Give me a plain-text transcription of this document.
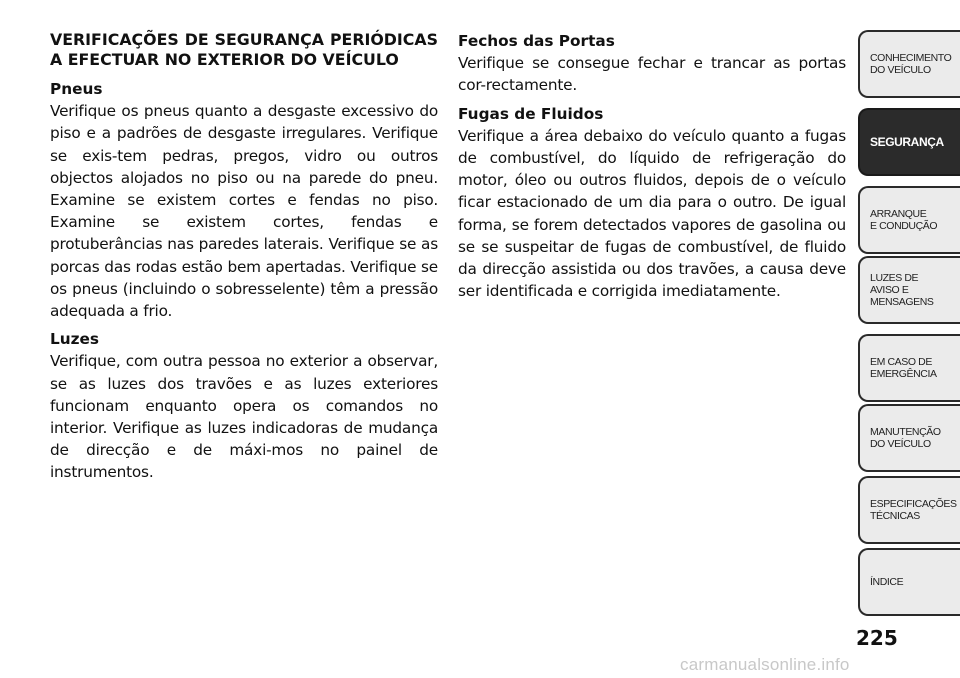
VERIFICAÇÕES DE SEGURANÇA PERIÓDICAS A EFECTUAR NO EXTERIOR DO VEÍCULO
Pneus

Verifique os pneus quanto a desgaste excessivo do piso e a padrões de desgaste irregulares. Verifique se exis-tem pedras, pregos, vidro ou outros objectos alojados no piso ou na parede do pneu. Examine se existem cortes e fendas no piso. Examine se existem cortes, fendas e protuberâncias nas paredes laterais. Verifique se as porcas das rodas estão bem apertadas. Verifique se os pneus (incluindo o sobresselente) têm a pressão adequada a frio.

Luzes

Verifique, com outra pessoa no exterior a observar, se as luzes dos travões e as luzes exteriores funcionam enquanto opera os comandos no interior. Verifique as luzes indicadoras de mudança de direcção e de máxi-mos no painel de instrumentos.

Fechos das Portas

Verifique se consegue fechar e trancar as portas cor-rectamente.

Fugas de Fluidos

Verifique a área debaixo do veículo quanto a fugas de combustível, do líquido de refrigeração do motor, óleo ou outros fluidos, depois de o veículo ficar estacionado de um dia para o outro. De igual forma, se forem detectados vapores de gasolina ou se se suspeitar de fugas de combustível, de fluido da direcção assistida ou dos travões, a causa deve ser identificada e corrigida imediatamente.

CONHECIMENTO
DO VEÍCULO
SEGURANÇA
ARRANQUE
E CONDUÇÃO
LUZES DE
AVISO E
MENSAGENS
EM CASO DE
EMERGÊNCIA
MANUTENÇÃO
DO VEÍCULO
ESPECIFICAÇÕES
TÉCNICAS
ÍNDICE
225
carmanualsonline.info
